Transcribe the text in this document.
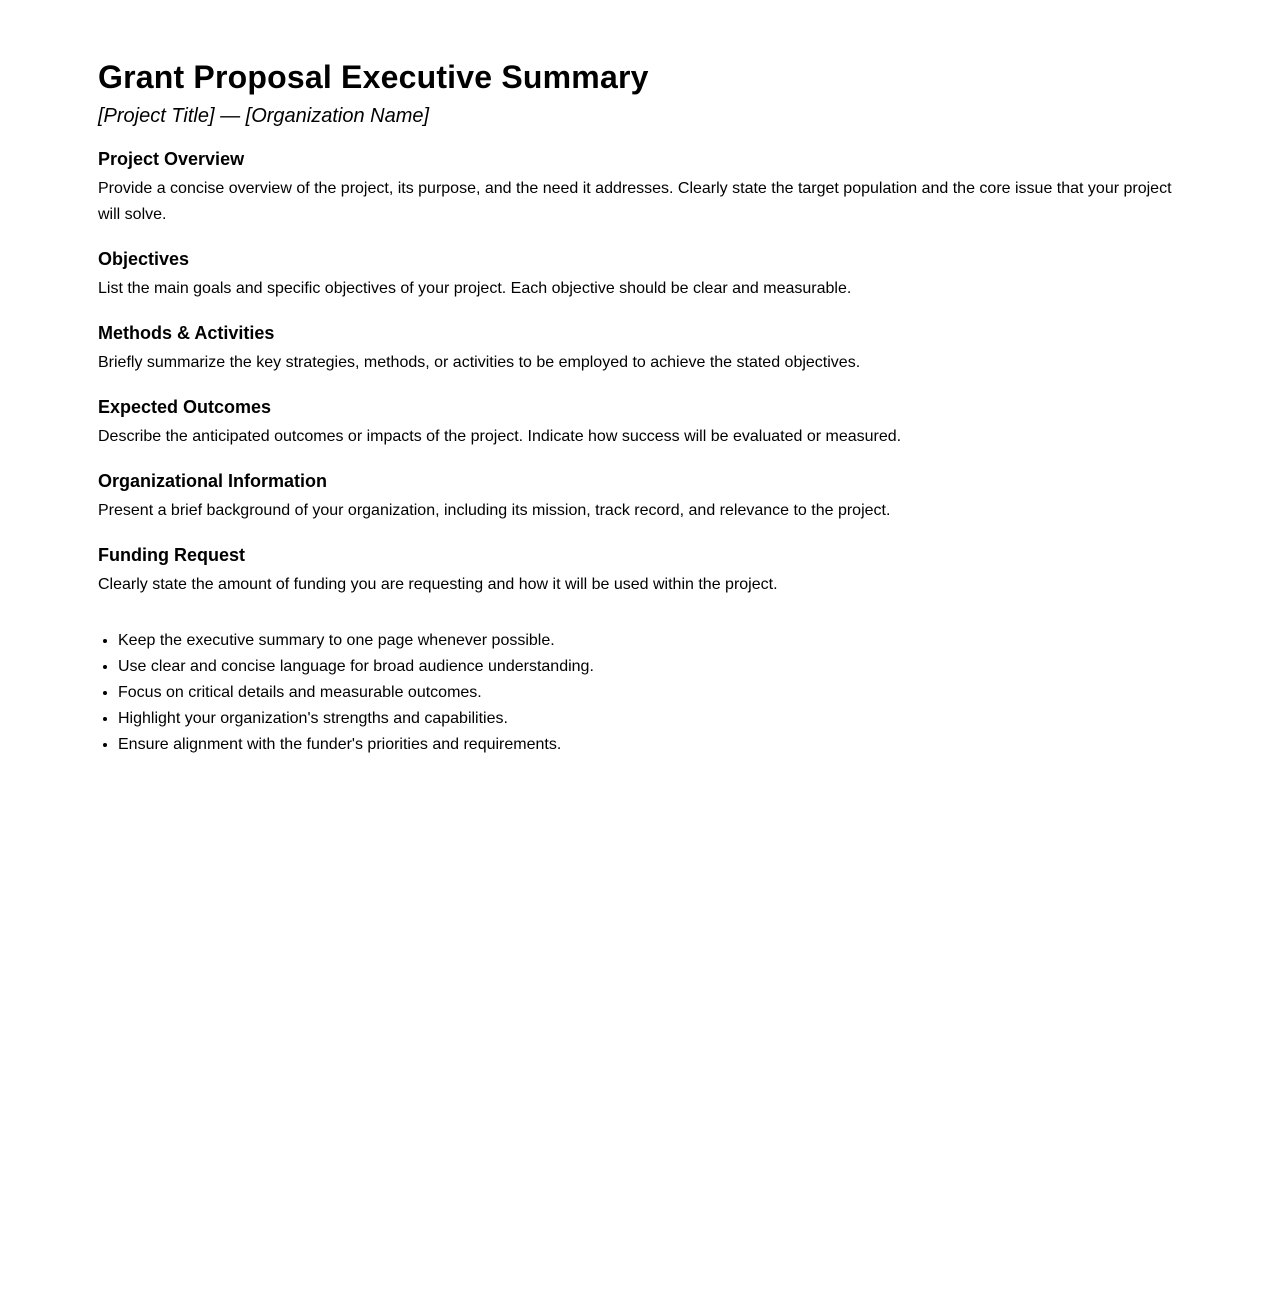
Grant Proposal Executive Summary
[Project Title] — [Organization Name]
Project Overview

Provide a concise overview of the project, its purpose, and the need it addresses. Clearly state the target population and the core issue that your project will solve.

Objectives

List the main goals and specific objectives of your project. Each objective should be clear and measurable.

Methods & Activities

Briefly summarize the key strategies, methods, or activities to be employed to achieve the stated objectives.

Expected Outcomes

Describe the anticipated outcomes or impacts of the project. Indicate how success will be evaluated or measured.

Organizational Information

Present a brief background of your organization, including its mission, track record, and relevance to the project.

Funding Request

Clearly state the amount of funding you are requesting and how it will be used within the project.

• Keep the executive summary to one page whenever possible.
• Use clear and concise language for broad audience understanding.
• Focus on critical details and measurable outcomes.
• Highlight your organization's strengths and capabilities.
• Ensure alignment with the funder's priorities and requirements.
